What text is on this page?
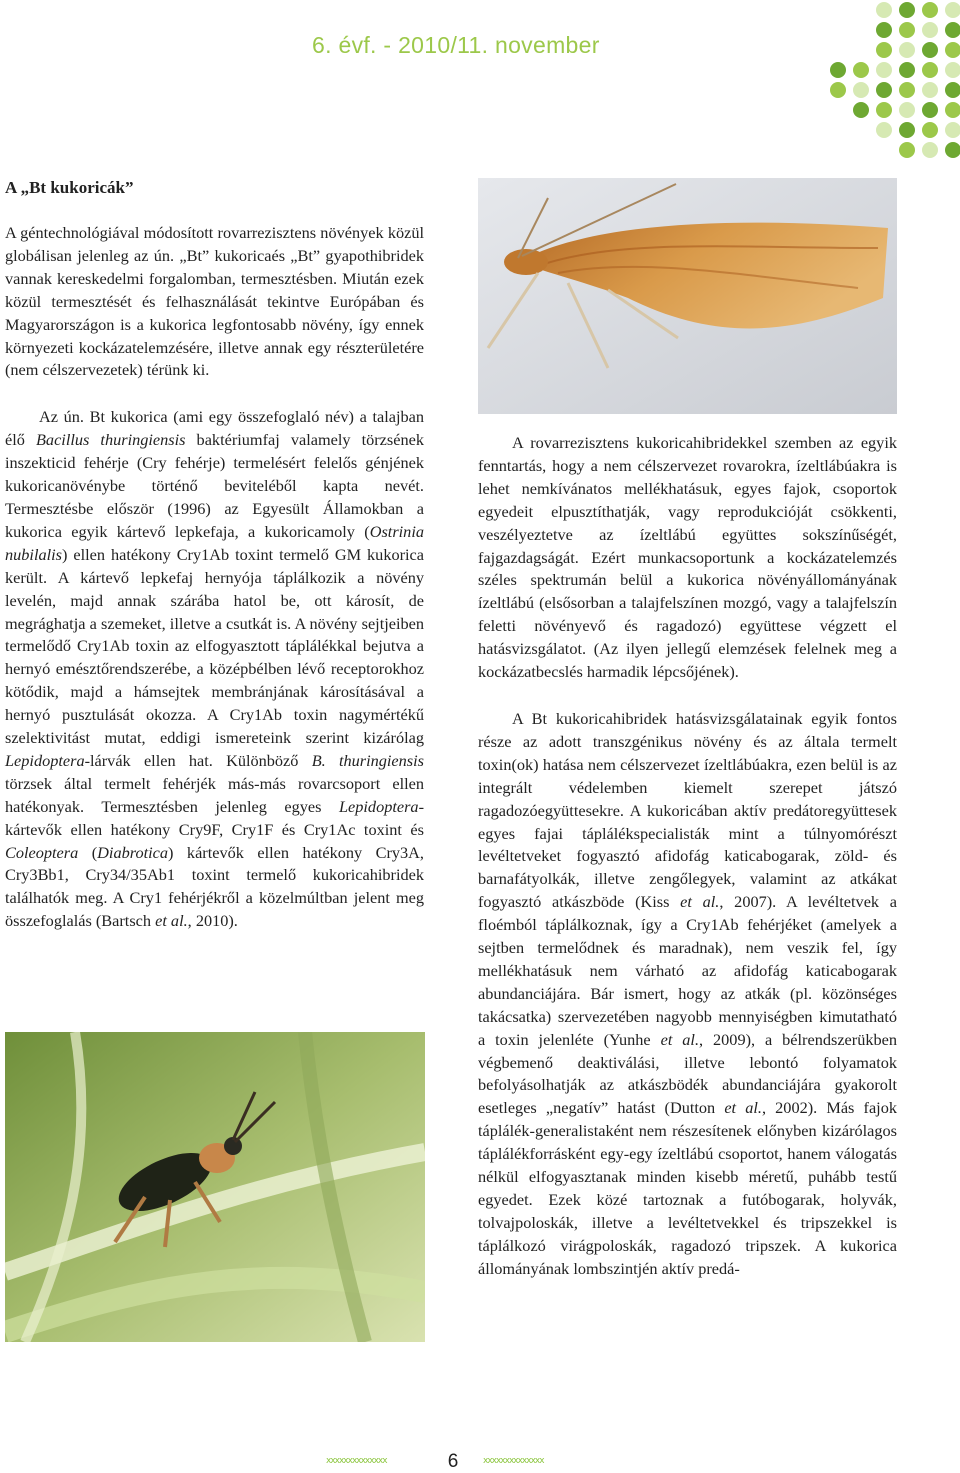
6. évf. - 2010/11. november
A „Bt kukoricák”

A géntechnológiával módosított rovarrezisztens növények közül globálisan jelenleg az ún. „Bt” kukoricaés „Bt” gyapothibridek vannak kereskedelmi forgalomban, termesztésben. Miután ezek közül termesztését és felhasználását tekintve Európában és Magyarországon is a kukorica legfontosabb növény, így ennek környezeti kockázatelemzésére, illetve annak egy részterületére (nem célszervezetek) térünk ki.

Az ún. Bt kukorica (ami egy összefoglaló név) a talajban élő Bacillus thuringiensis baktériumfaj valamely törzsének inszekticid fehérje (Cry fehérje) termelésért felelős génjének kukoricanövénybe történő beviteléből kapta nevét. Termesztésbe először (1996) az Egyesült Államokban a kukorica egyik kártevő lepkefaja, a kukoricamoly (Ostrinia nubilalis) ellen hatékony Cry1Ab toxint termelő GM kukorica került. A kártevő lepkefaj hernyója táplálkozik a növény levelén, majd annak szárába hatol be, ott károsít, de megrághatja a szemeket, illetve a csutkát is. A növény sejtjeiben termelődő Cry1Ab toxin az elfogyasztott táplálékkal bejutva a hernyó emésztőrendszerébe, a középbélben lévő receptorokhoz kötődik, majd a hámsejtek membránjának károsításával a hernyó pusztulását okozza. A Cry1Ab toxin nagymértékű szelektivitást mutat, eddigi ismereteink szerint kizárólag Lepidoptera-lárvák ellen hat. Különböző B. thuringiensis törzsek által termelt fehérjék más-más rovarcsoport ellen hatékonyak. Termesztésben jelenleg egyes Lepidoptera-kártevők ellen hatékony Cry9F, Cry1F és Cry1Ac toxint és Coleoptera (Diabrotica) kártevők ellen hatékony Cry3A, Cry3Bb1, Cry34/35Ab1 toxint termelő kukoricahibridek találhatók meg. A Cry1 fehérjékről a közelmúltban jelent meg összefoglalás (Bartsch et al., 2010).

A rovarrezisztens kukoricahibridekkel szemben az egyik fenntartás, hogy a nem célszervezet rovarokra, ízeltlábúakra is lehet nemkívánatos mellékhatásuk, egyes fajok, csoportok egyedeit elpusztíthatják, vagy reprodukcióját csökkenti, veszélyeztetve az ízeltlábú együttes sokszínűségét, fajgazdagságát. Ezért munkacsoportunk a kockázatelemzés széles spektrumán belül a kukorica növényállományának ízeltlábú (elsősorban a talajfelszínen mozgó, vagy a talajfelszín feletti növényevő és ragadozó) együttese végzett el hatásvizsgálatot. (Az ilyen jellegű elemzések felelnek meg a kockázatbecslés harmadik lépcsőjének).

A Bt kukoricahibridek hatásvizsgálatainak egyik fontos része az adott transzgénikus növény és az általa termelt toxin(ok) hatása nem célszervezet ízeltlábúakra, ezen belül is az integrált védelemben kiemelt szerepet játszó ragadozóegyüttesekre. A kukoricában aktív predátoregyüttesek egyes fajai táplálékspecialisták mint a túlnyomórészt levéltetveket fogyasztó afidofág katicabogarak, zöld- és barnafátyolkák, illetve zengőlegyek, valamint az atkákat fogyasztó atkászböde (Kiss et al., 2007). A levéltetvek a floémból táplálkoznak, így a Cry1Ab fehérjéket (amelyek a sejtben termelődnek és maradnak), nem veszik fel, így mellékhatásuk nem várható az afidofág katicabogarak abundanciájára. Bár ismert, hogy az atkák (pl. közönséges takácsatka) szervezetében nagyobb mennyiségben kimutatható a toxin jelenléte (Yunhe et al., 2009), a bélrendszerükben végbemenő deaktiválási, illetve lebontó folyamatok befolyásolhatják az atkászbödék abundanciájára gyakorolt esetleges „negatív” hatást (Dutton et al., 2002). Más fajok táplálék-generalistaként nem részesítenek előnyben kizárólagos táplálékforrásként egy-egy ízeltlábú csoportot, hanem válogatás nélkül elfogyasztanak minden kisebb méretű, puhább testű egyedet. Ezek közé tartoznak a futóbogarak, holyvák, tolvajpoloskák, illetve a levéltetvekkel és tripszekkel is táplálkozó virágpoloskák, ragadozó tripszek. A kukorica állományának lombszintjén aktív predá-

xxxxxxxxxxxxxx	6	xxxxxxxxxxxxxx
